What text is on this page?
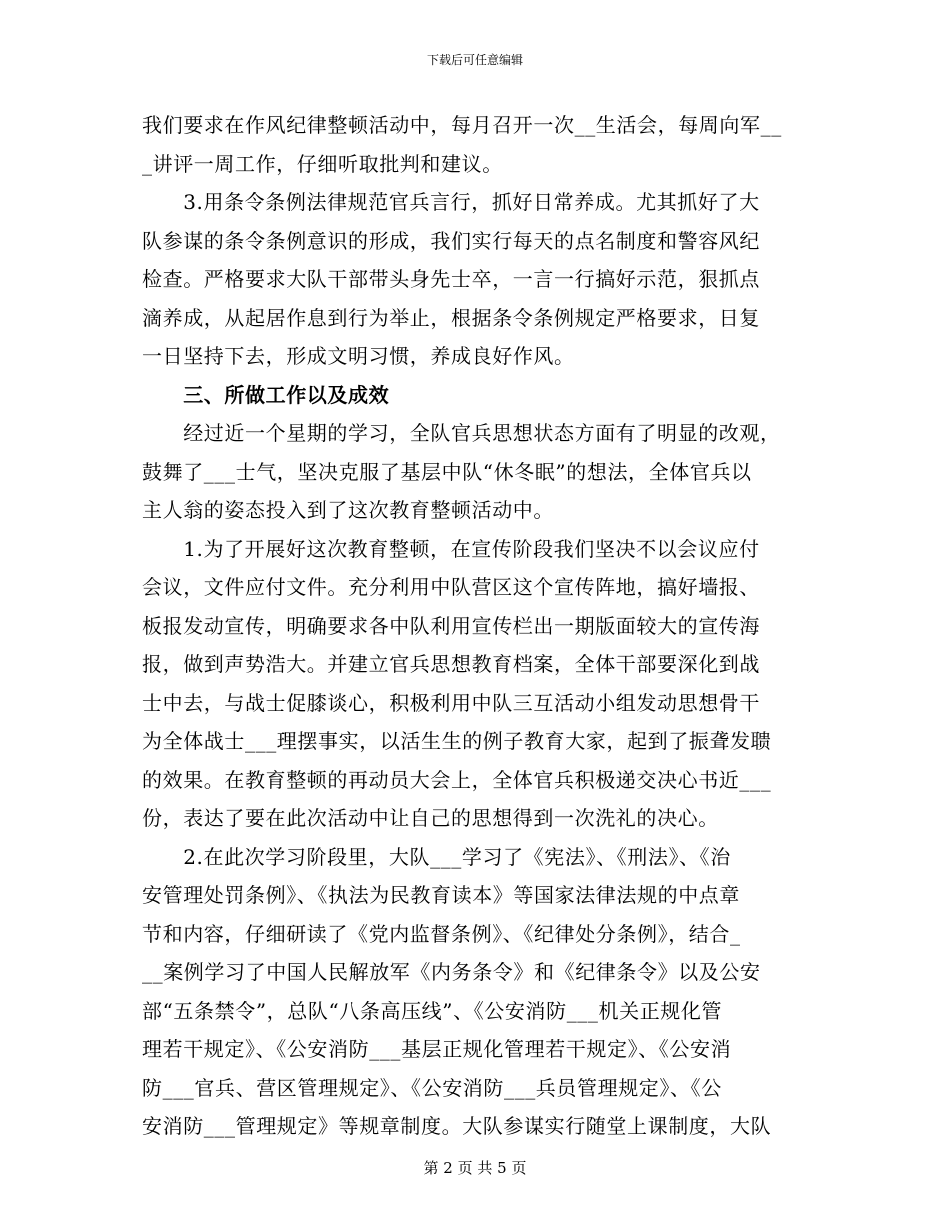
下载后可任意编辑
我们要求在作风纪律整顿活动中，每月召开一次__生活会，每周向军__
_讲评一周工作，仔细听取批判和建议。
　　3.用条令条例法律规范官兵言行，抓好日常养成。尤其抓好了大
队参谋的条令条例意识的形成，我们实行每天的点名制度和警容风纪
检查。严格要求大队干部带头身先士卒，一言一行搞好示范，狠抓点
滴养成，从起居作息到行为举止，根据条令条例规定严格要求，日复
一日坚持下去，形成文明习惯，养成良好作风。
　　三、所做工作以及成效
　　经过近一个星期的学习，全队官兵思想状态方面有了明显的改观，
鼓舞了___士气，坚决克服了基层中队“休冬眠”的想法，全体官兵以
主人翁的姿态投入到了这次教育整顿活动中。
　　1.为了开展好这次教育整顿，在宣传阶段我们坚决不以会议应付
会议，文件应付文件。充分利用中队营区这个宣传阵地，搞好墙报、
板报发动宣传，明确要求各中队利用宣传栏出一期版面较大的宣传海
报，做到声势浩大。并建立官兵思想教育档案，全体干部要深化到战
士中去，与战士促膝谈心，积极利用中队三互活动小组发动思想骨干
为全体战士___理摆事实，以活生生的例子教育大家，起到了振聋发聩
的效果。在教育整顿的再动员大会上，全体官兵积极递交决心书近___
份，表达了要在此次活动中让自己的思想得到一次洗礼的决心。
　　2.在此次学习阶段里，大队___学习了《宪法》、《刑法》、《治
安管理处罚条例》、《执法为民教育读本》等国家法律法规的中点章
节和内容，仔细研读了《党内监督条例》、《纪律处分条例》，结合_
__案例学习了中国人民解放军《内务条令》和《纪律条令》以及公安
部“五条禁令”，总队“八条高压线”、《公安消防___机关正规化管
理若干规定》、《公安消防___基层正规化管理若干规定》、《公安消
防___官兵、营区管理规定》、《公安消防___兵员管理规定》、《公
安消防___管理规定》等规章制度。大队参谋实行随堂上课制度，大队
第 2 页 共 5 页
